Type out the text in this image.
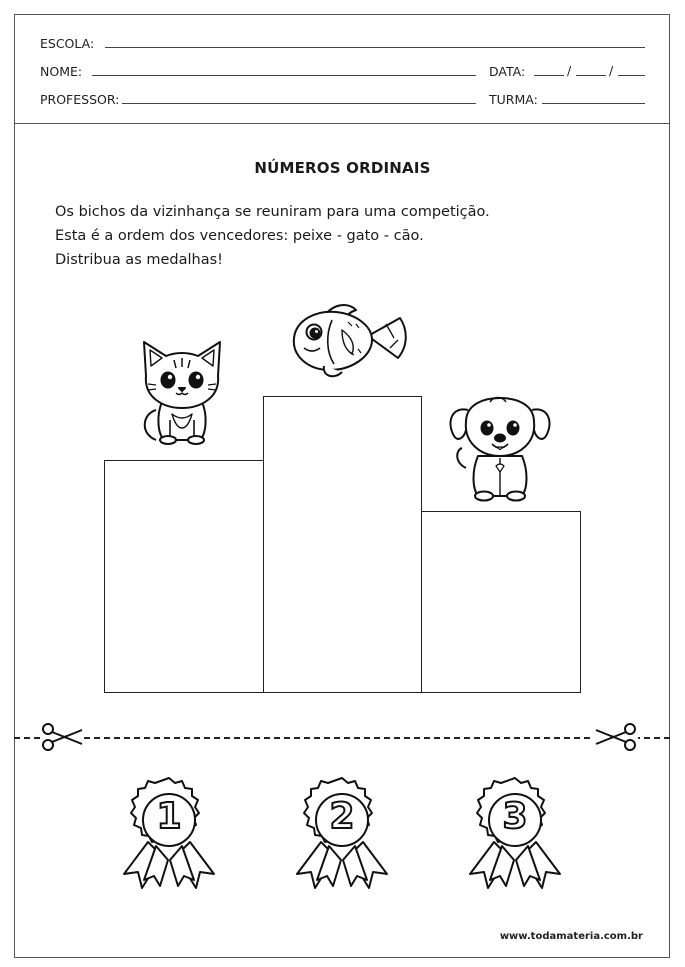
ESCOLA:
NOME:	DATA:	/	/
PROFESSOR:	TURMA:
NÚMEROS ORDINAIS
Os bichos da vizinhança se reuniram para uma competição.
Esta é a ordem dos vencedores: peixe - gato - cão.
Distribua as medalhas!
1	2	3
www.todamateria.com.br
